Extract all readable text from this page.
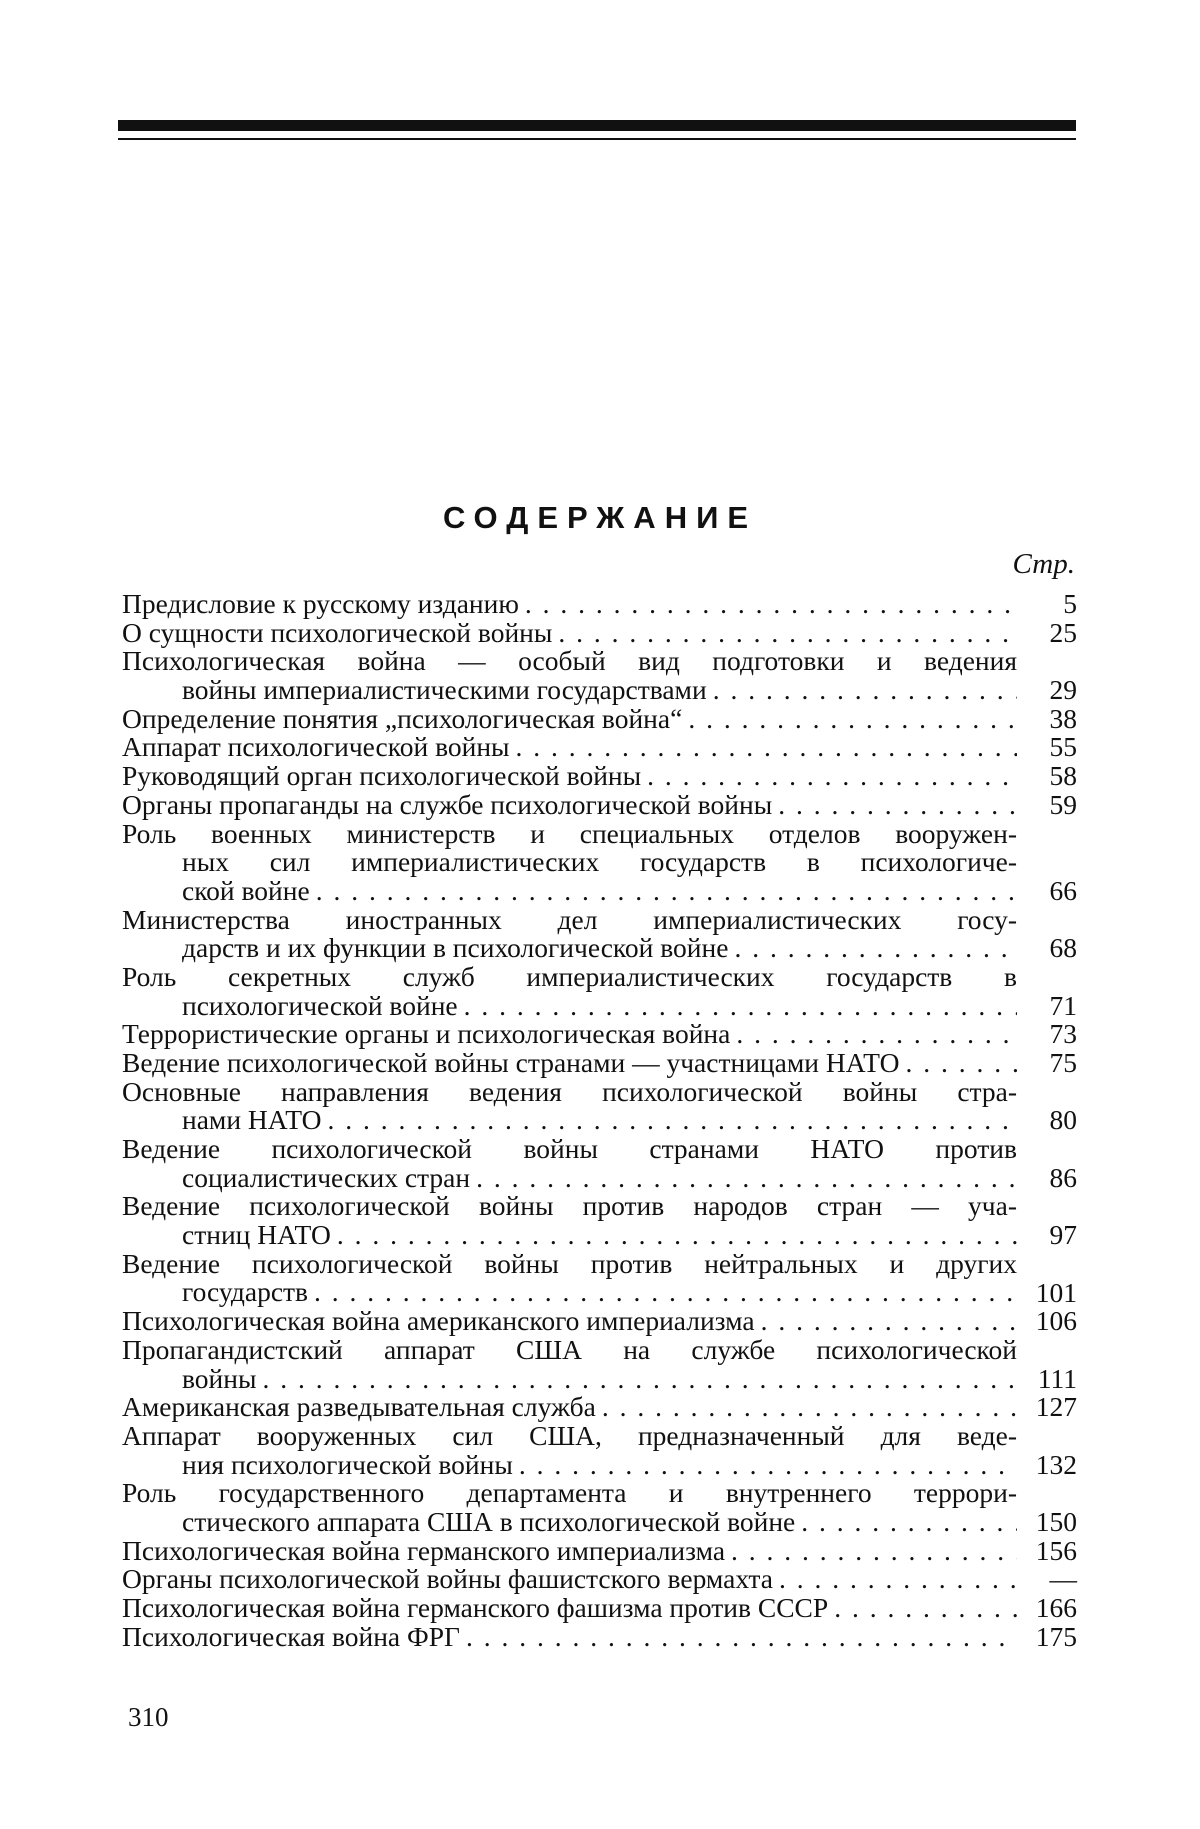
СОДЕРЖАНИЕ
Стр.
Предисловие к русскому изданию
. . .	5
О сущности психологической войны
. . .	25
Психологическая война — особый вид подготовки и ведения
войны империалистическими государствами
. . .	29
Определение понятия „психологическая война“
. . .	38
Аппарат психологической войны
. . .	55
Руководящий орган психологической войны
. . .	58
Органы пропаганды на службе психологической войны
. . .	59
Роль военных министерств и специальных отделов вооружен-
ных сил империалистических государств в психологиче-
ской войне
. . .	66
Министерства иностранных дел империалистических госу-
дарств и их функции в психологической войне
. . .	68
Роль секретных служб империалистических государств в
психологической войне
. . .	71
Террористические органы и психологическая война
. . .	73
Ведение психологической войны странами — участницами НАТО
. . .	75
Основные направления ведения психологической войны стра-
нами НАТО
. . .	80
Ведение психологической войны странами НАТО против
социалистических стран
. . .	86
Ведение психологической войны против народов стран — уча-
стниц НАТО
. . .	97
Ведение психологической войны против нейтральных и других
государств
. . .	101
Психологическая война американского империализма
. . .	106
Пропагандистский аппарат США на службе психологической
войны
. . .	111
Американская разведывательная служба
. . .	127
Аппарат вооруженных сил США, предназначенный для веде-
ния психологической войны
. . .	132
Роль государственного департамента и внутреннего террори-
стического аппарата США в психологической войне
. . .	150
Психологическая война германского империализма
. . .	156
Органы психологической войны фашистского вермахта
. . .	—
Психологическая война германского фашизма против СССР
. . .	166
Психологическая война ФРГ
. . .	175
310
